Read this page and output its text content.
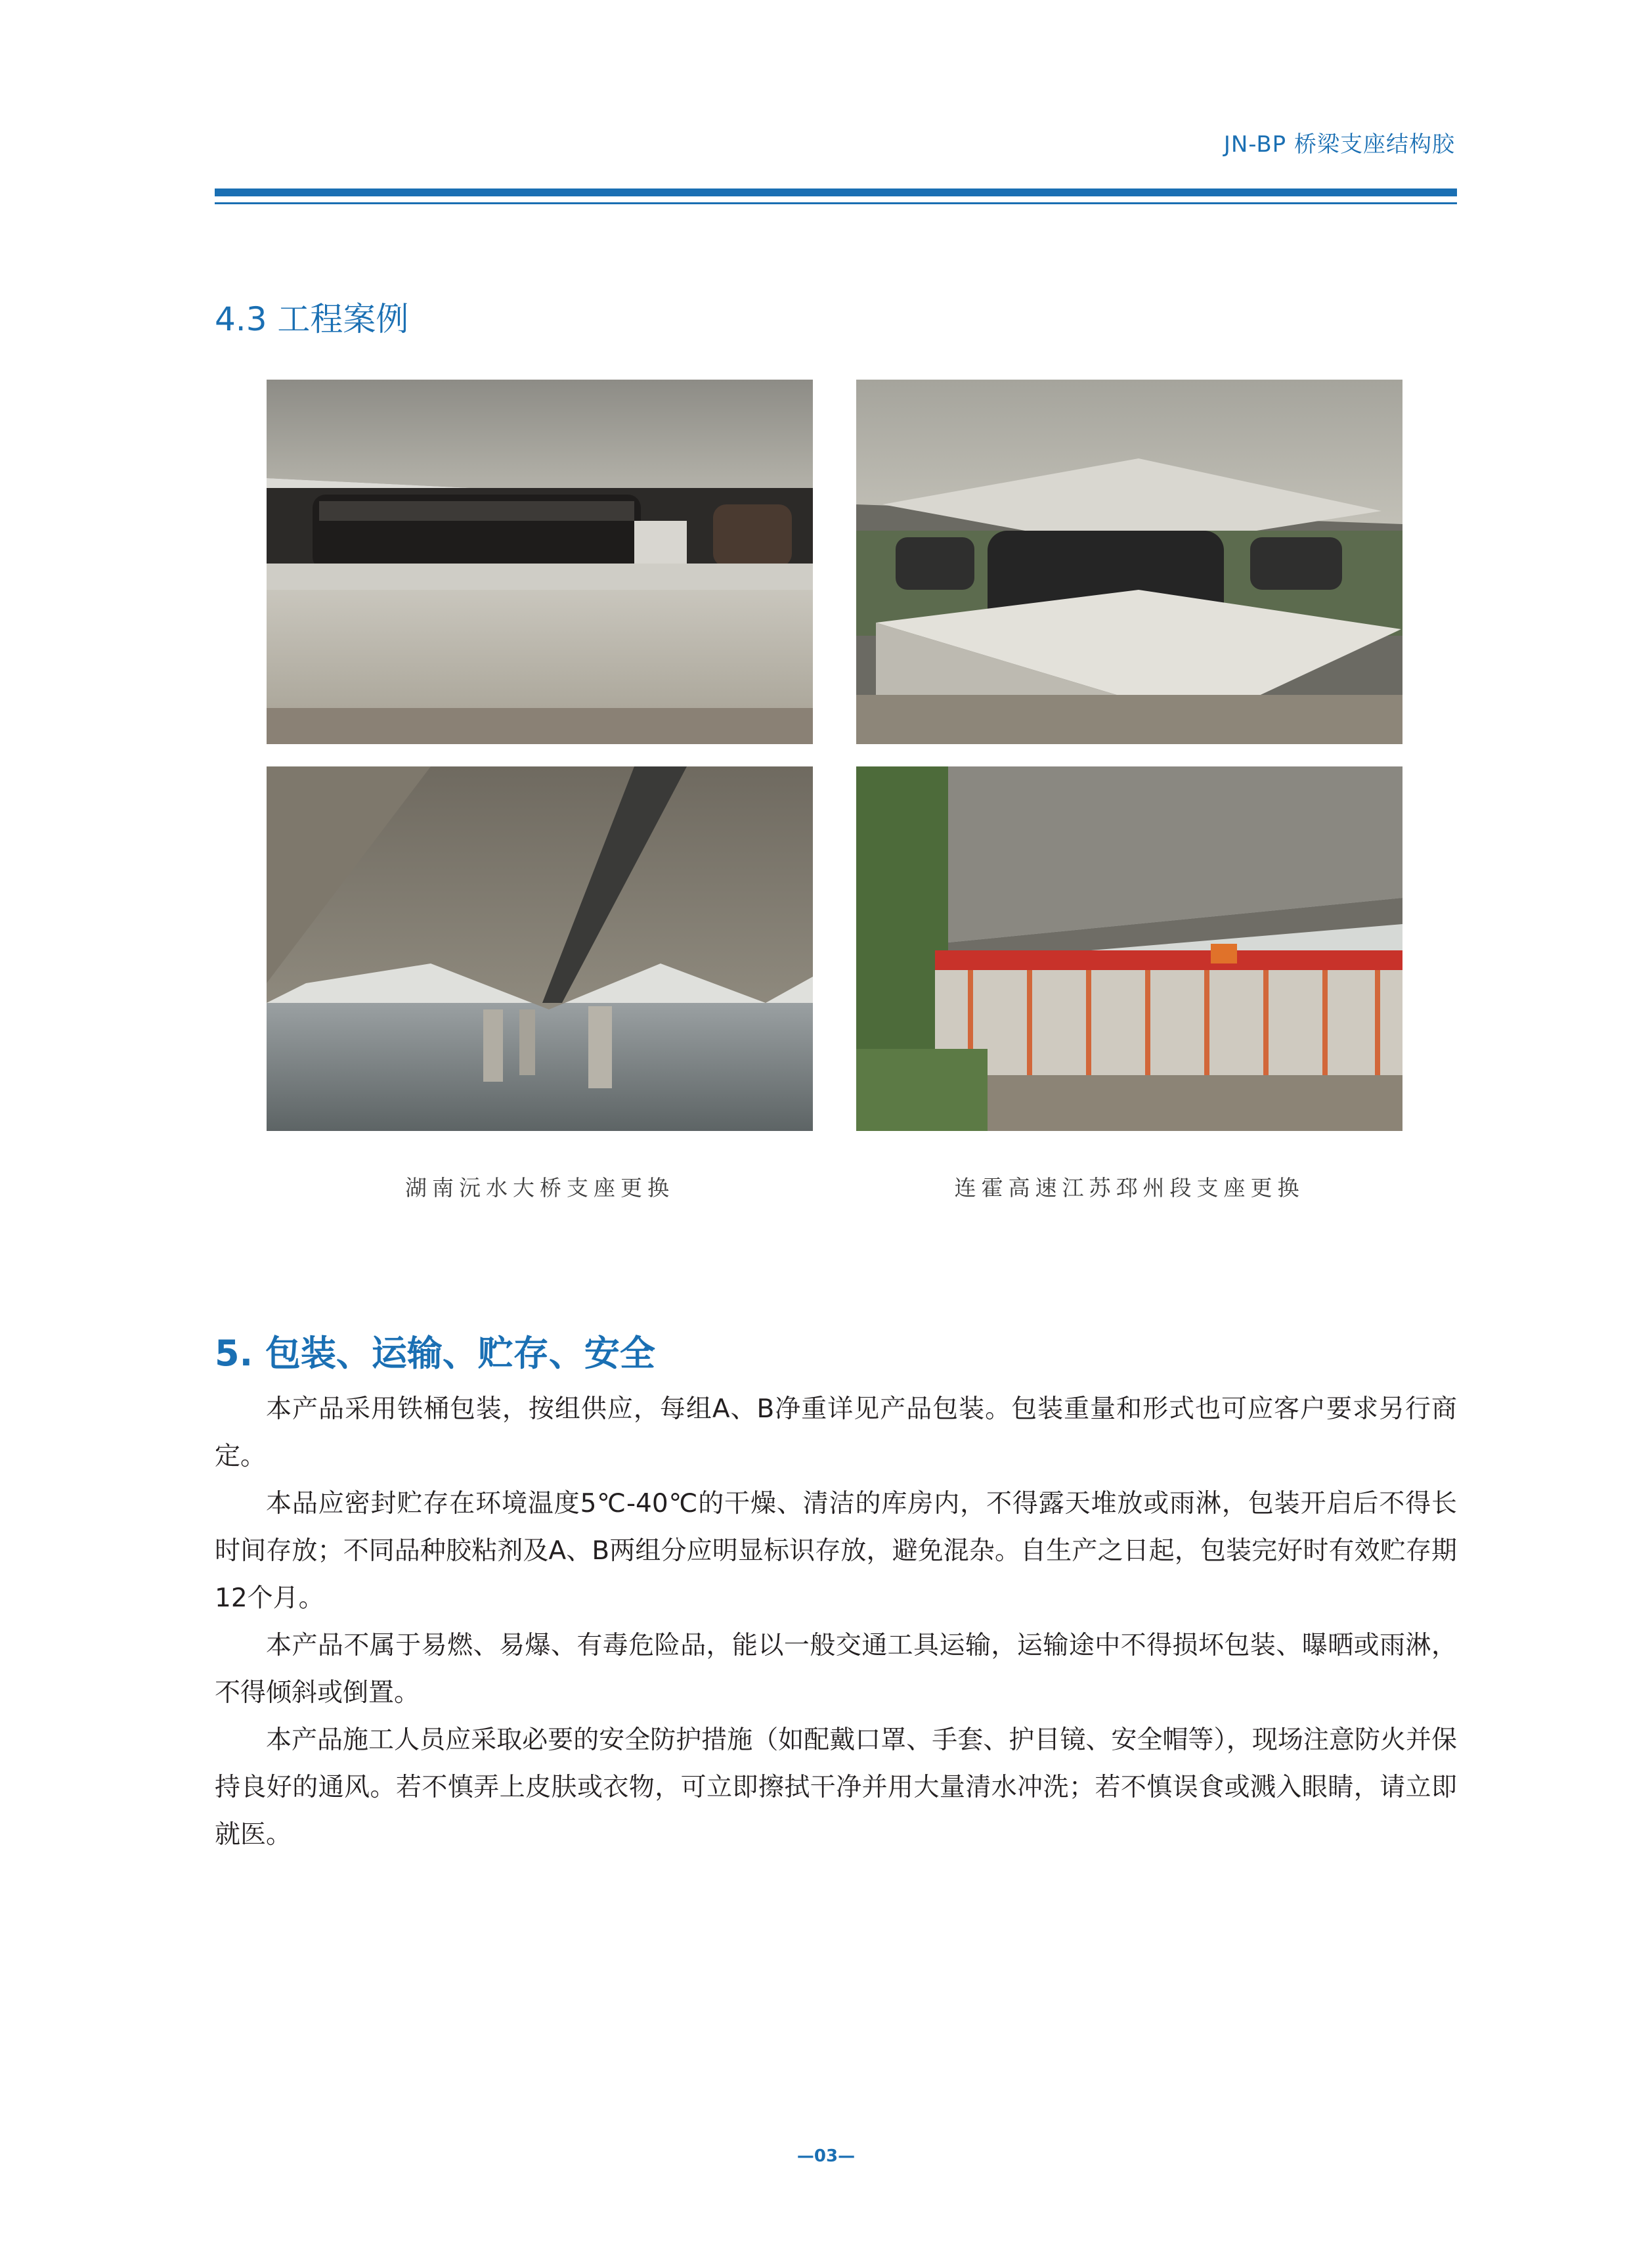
JN-BP 桥梁支座结构胶
4.3 工程案例
湖南沅水大桥支座更换	连霍高速江苏邳州段支座更换
5. 包装、运输、贮存、安全

本产品采用铁桶包装，按组供应，每组A、B净重详见产品包装。包装重量和形式也可应客户要求另行商定。

本品应密封贮存在环境温度5℃-40℃的干燥、清洁的库房内，不得露天堆放或雨淋，包装开启后不得长时间存放；不同品种胶粘剂及A、B两组分应明显标识存放，避免混杂。自生产之日起，包装完好时有效贮存期12个月。

本产品不属于易燃、易爆、有毒危险品，能以一般交通工具运输，运输途中不得损坏包装、曝晒或雨淋，不得倾斜或倒置。

本产品施工人员应采取必要的安全防护措施（如配戴口罩、手套、护目镜、安全帽等），现场注意防火并保持良好的通风。若不慎弄上皮肤或衣物，可立即擦拭干净并用大量清水冲洗；若不慎误食或溅入眼睛，请立即就医。

—03—
